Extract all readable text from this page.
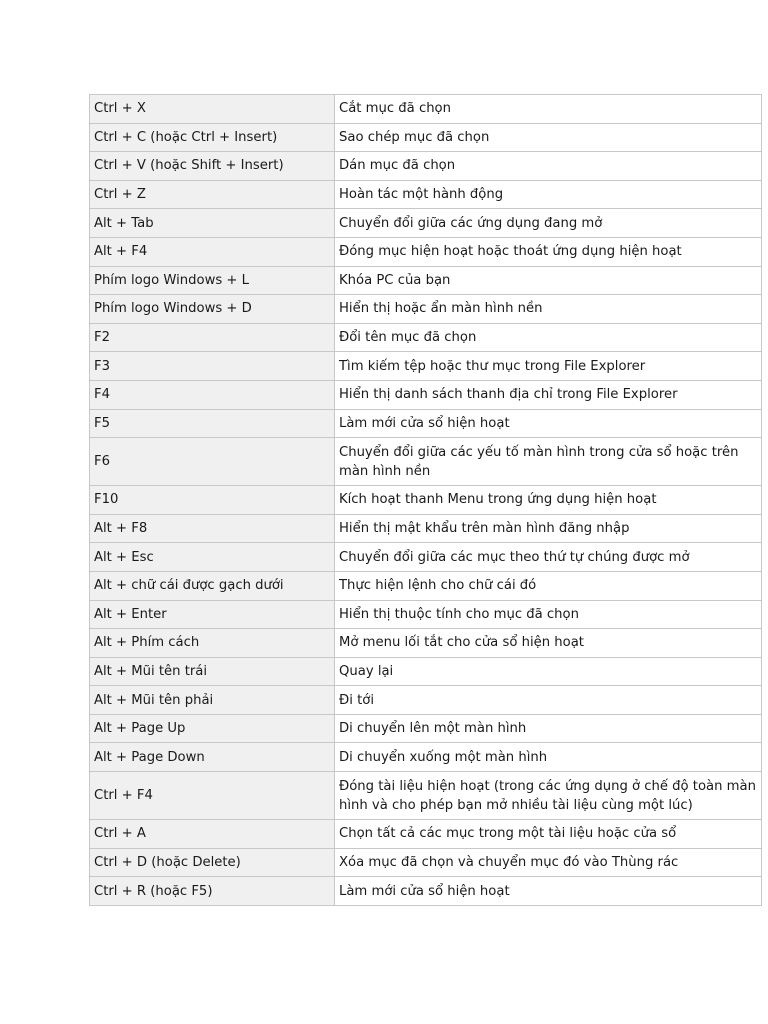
Ctrl + X	Cắt mục đã chọn
Ctrl + C (hoặc Ctrl + Insert)	Sao chép mục đã chọn
Ctrl + V (hoặc Shift + Insert)	Dán mục đã chọn
Ctrl + Z	Hoàn tác một hành động
Alt + Tab	Chuyển đổi giữa các ứng dụng đang mở
Alt + F4	Đóng mục hiện hoạt hoặc thoát ứng dụng hiện hoạt
Phím logo Windows + L	Khóa PC của bạn
Phím logo Windows + D	Hiển thị hoặc ẩn màn hình nền
F2	Đổi tên mục đã chọn
F3	Tìm kiếm tệp hoặc thư mục trong File Explorer
F4	Hiển thị danh sách thanh địa chỉ trong File Explorer
F5	Làm mới cửa sổ hiện hoạt
F6	Chuyển đổi giữa các yếu tố màn hình trong cửa sổ hoặc trên màn hình nền
F10	Kích hoạt thanh Menu trong ứng dụng hiện hoạt
Alt + F8	Hiển thị mật khẩu trên màn hình đăng nhập
Alt + Esc	Chuyển đổi giữa các mục theo thứ tự chúng được mở
Alt + chữ cái được gạch dưới	Thực hiện lệnh cho chữ cái đó
Alt + Enter	Hiển thị thuộc tính cho mục đã chọn
Alt + Phím cách	Mở menu lối tắt cho cửa sổ hiện hoạt
Alt + Mũi tên trái	Quay lại
Alt + Mũi tên phải	Đi tới
Alt + Page Up	Di chuyển lên một màn hình
Alt + Page Down	Di chuyển xuống một màn hình
Ctrl + F4	Đóng tài liệu hiện hoạt (trong các ứng dụng ở chế độ toàn màn hình và cho phép bạn mở nhiều tài liệu cùng một lúc)
Ctrl + A	Chọn tất cả các mục trong một tài liệu hoặc cửa sổ
Ctrl + D (hoặc Delete)	Xóa mục đã chọn và chuyển mục đó vào Thùng rác
Ctrl + R (hoặc F5)	Làm mới cửa sổ hiện hoạt
